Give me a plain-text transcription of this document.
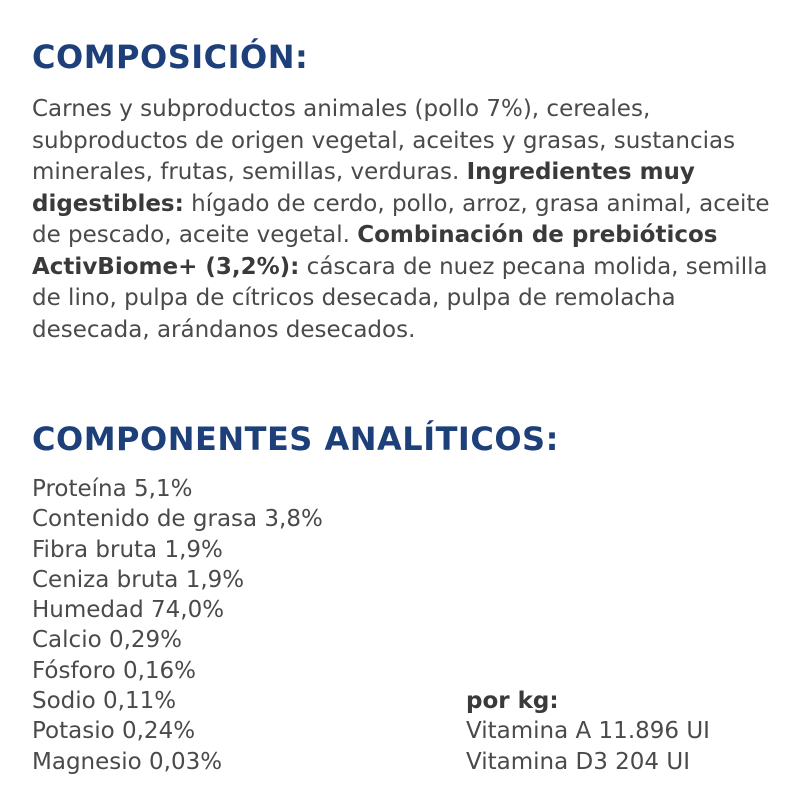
COMPOSICIÓN:

Carnes y subproductos animales (pollo 7%), cereales, subproductos de origen vegetal, aceites y grasas, sustancias minerales, frutas, semillas, verduras. Ingredientes muy digestibles: hígado de cerdo, pollo, arroz, grasa animal, aceite de pescado, aceite vegetal. Combinación de prebióticos ActivBiome+ (3,2%): cáscara de nuez pecana molida, semilla de lino, pulpa de cítricos desecada, pulpa de remolacha desecada, arándanos desecados.

COMPONENTES ANALÍTICOS:
Proteína 5,1%
Contenido de grasa 3,8%
Fibra bruta 1,9%
Ceniza bruta 1,9%
Humedad 74,0%
Calcio 0,29%
Fósforo 0,16%
Sodio 0,11%
Potasio 0,24%
Magnesio 0,03%
por kg:
Vitamina A 11.896 UI
Vitamina D3 204 UI
